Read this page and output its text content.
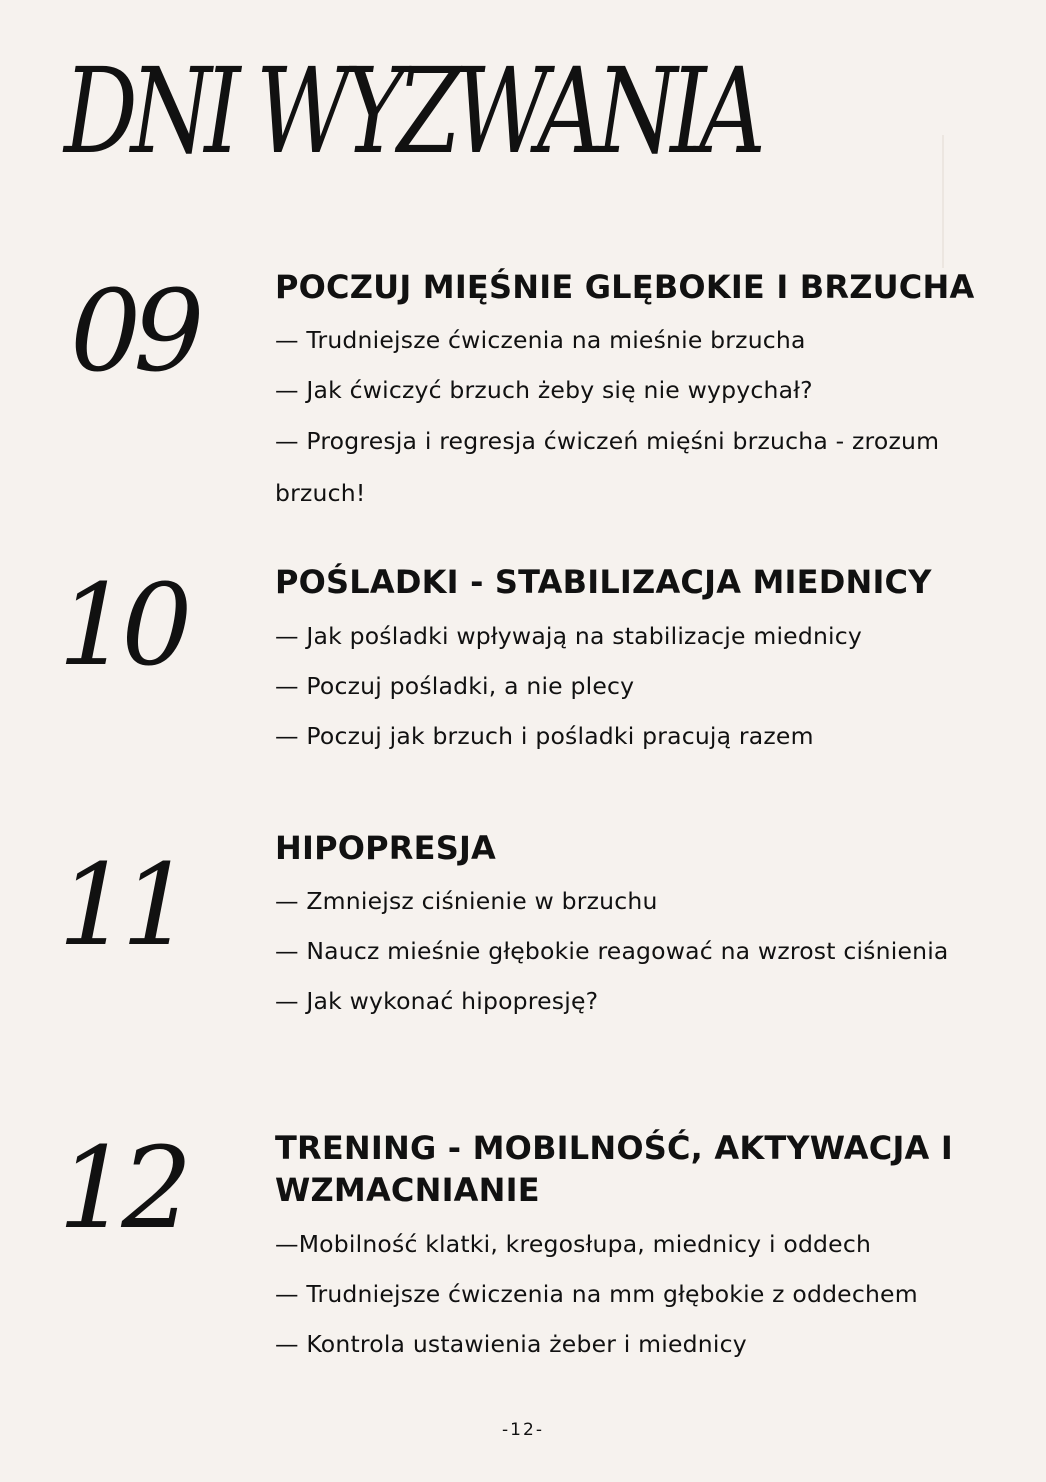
DNI WYZWANIA
09 POCZUJ MIĘŚNIE GLĘBOKIE I BRZUCHA
— Trudniejsze ćwiczenia na mieśnie brzucha
— Jak ćwiczyć brzuch żeby się nie wypychał?
— Progresja i regresja ćwiczeń mięśni brzucha - zrozum brzuch!
10	POŚLADKI - STABILIZACJA MIEDNICY
— Jak pośladki wpływają na stabilizacje miednicy
— Poczuj pośladki, a nie plecy
— Poczuj jak brzuch i pośladki pracują razem
11	HIPOPRESJA
— Zmniejsz ciśnienie w brzuchu
— Naucz mieśnie głębokie reagować na wzrost ciśnienia
— Jak wykonać hipopresję?
12	TRENING - MOBILNOŚĆ, AKTYWACJA I WZMACNIANIE
—Mobilność klatki, kregosłupa, miednicy i oddech
— Trudniejsze ćwiczenia na mm głębokie z oddechem
— Kontrola ustawienia żeber i miednicy
-12-
